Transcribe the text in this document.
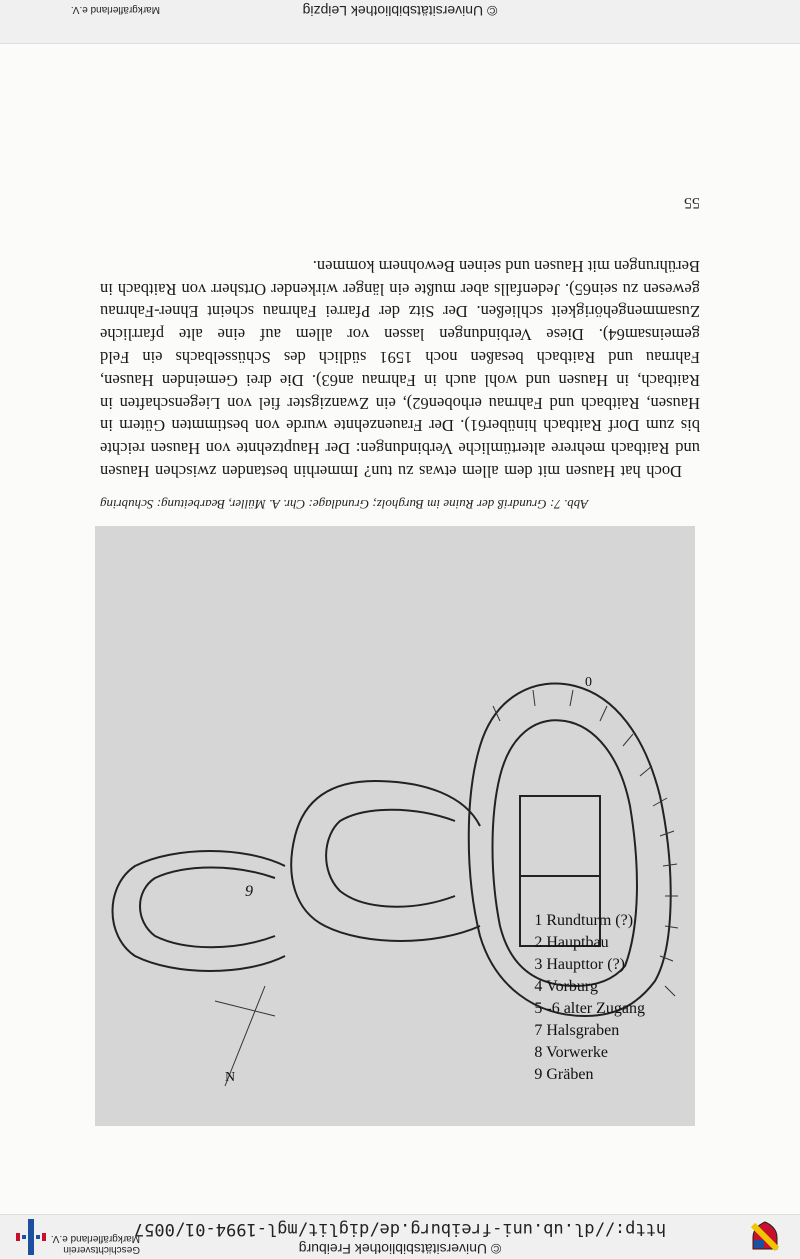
Geschichtsverein
Markgräflerland e.V.
http://dl.ub.uni-freiburg.de/diglit/mgl-1994-01/0057
© Universitätsbibliothek Freiburg
9
0
N
1 Rundturm (?)
2 Hauptbau
3 Haupttor (?)
4 Vorburg
5 -6 alter Zugang
7 Halsgraben
8 Vorwerke
9 Gräben
Abb. 7: Grundriß der Ruine im Burgholz; Grundlage: Chr. A. Müller, Bearbeitung: Schubring

Doch hat Hausen mit dem allem etwas zu tun? Immerhin bestanden zwischen Hausen und Raitbach mehrere altertümliche Verbindungen: Der Hauptzehnte von Hausen reichte bis zum Dorf Raitbach hinüber61). Der Frauenzehnte wurde von bestimmten Gütern in Hausen, Raitbach und Fahrnau erhoben62), ein Zwanzigster fiel von Liegenschaften in Raitbach, in Hausen und wohl auch in Fahrnau an63). Die drei Gemeinden Hausen, Fahrnau und Raitbach besaßen noch 1591 südlich des Schüsselbachs ein Feld gemeinsam64). Diese Verbindungen lassen vor allem auf eine alte pfarrliche Zusammengehörigkeit schließen. Der Sitz der Pfarrei Fahrnau scheint Ehner-Fahrnau gewesen zu sein65). Jedenfalls aber mußte ein länger wirkender Ortsherr von Raitbach in Berührungen mit Hausen und seinen Bewohnern kommen.

55
© Universitätsbibliothek Leipzig
Markgräflerland e.V.
